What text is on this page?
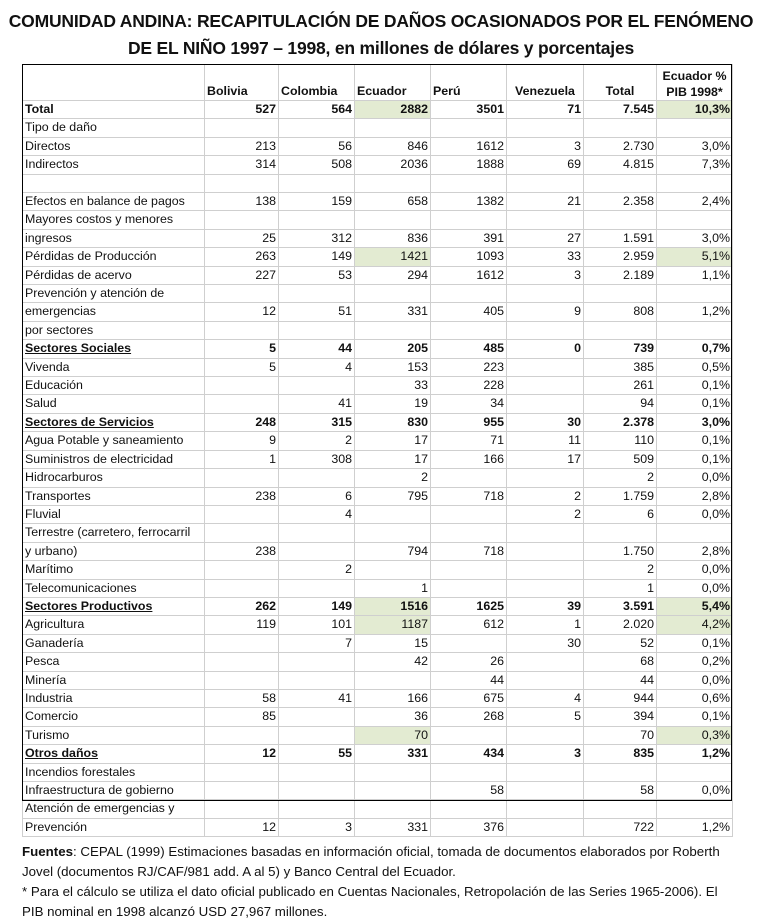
COMUNIDAD ANDINA: RECAPITULACIÓN DE DAÑOS OCASIONADOS POR EL FENÓMENO
DE EL NIÑO 1997 – 1998, en millones de dólares y porcentajes
	Bolivia	Colombia	Ecuador	Perú	Venezuela	Total	Ecuador %
PIB 1998*

Total	527	564	2882	3501	71	7.545	10,3%
Tipo de daño							
Directos	213	56	846	1612	3	2.730	3,0%
Indirectos	314	508	2036	1888	69	4.815	7,3%

Efectos en balance de pagos	138	159	658	1382	21	2.358	2,4%
Mayores costos y menores							
ingresos	25	312	836	391	27	1.591	3,0%
Pérdidas de Producción	263	149	1421	1093	33	2.959	5,1%
Pérdidas de acervo	227	53	294	1612	3	2.189	1,1%
Prevención y atención de							
emergencias	12	51	331	405	9	808	1,2%
por sectores							
Sectores Sociales	5	44	205	485	0	739	0,7%
Vivenda	5	4	153	223		385	0,5%
Educación			33	228		261	0,1%
Salud		41	19	34		94	0,1%
Sectores de Servicios	248	315	830	955	30	2.378	3,0%
Agua Potable y saneamiento	9	2	17	71	11	110	0,1%
Suministros de electricidad	1	308	17	166	17	509	0,1%
Hidrocarburos			2			2	0,0%
Transportes	238	6	795	718	2	1.759	2,8%
Fluvial		4			2	6	0,0%
Terrestre (carretero, ferrocarril							
y urbano)	238		794	718		1.750	2,8%
Marítimo		2				2	0,0%
Telecomunicaciones			1			1	0,0%
Sectores Productivos	262	149	1516	1625	39	3.591	5,4%
Agricultura	119	101	1187	612	1	2.020	4,2%
Ganadería		7	15		30	52	0,1%
Pesca			42	26		68	0,2%
Minería				44		44	0,0%
Industria	58	41	166	675	4	944	0,6%
Comercio	85		36	268	5	394	0,1%
Turismo			70			70	0,3%
Otros daños	12	55	331	434	3	835	1,2%
Incendios forestales							
Infraestructura de gobierno				58		58	0,0%
Atención de emergencias y							
Prevención	12	3	331	376		722	1,2%
Fuentes: CEPAL (1999) Estimaciones basadas en información oficial, tomada de documentos elaborados por Roberth Jovel (documentos RJ/CAF/981 add. A al 5) y Banco Central del Ecuador.
* Para el cálculo se utiliza el dato oficial publicado en Cuentas Nacionales, Retropolación de las Series 1965-2006). El PIB nominal en 1998 alcanzó USD 27,967 millones.
